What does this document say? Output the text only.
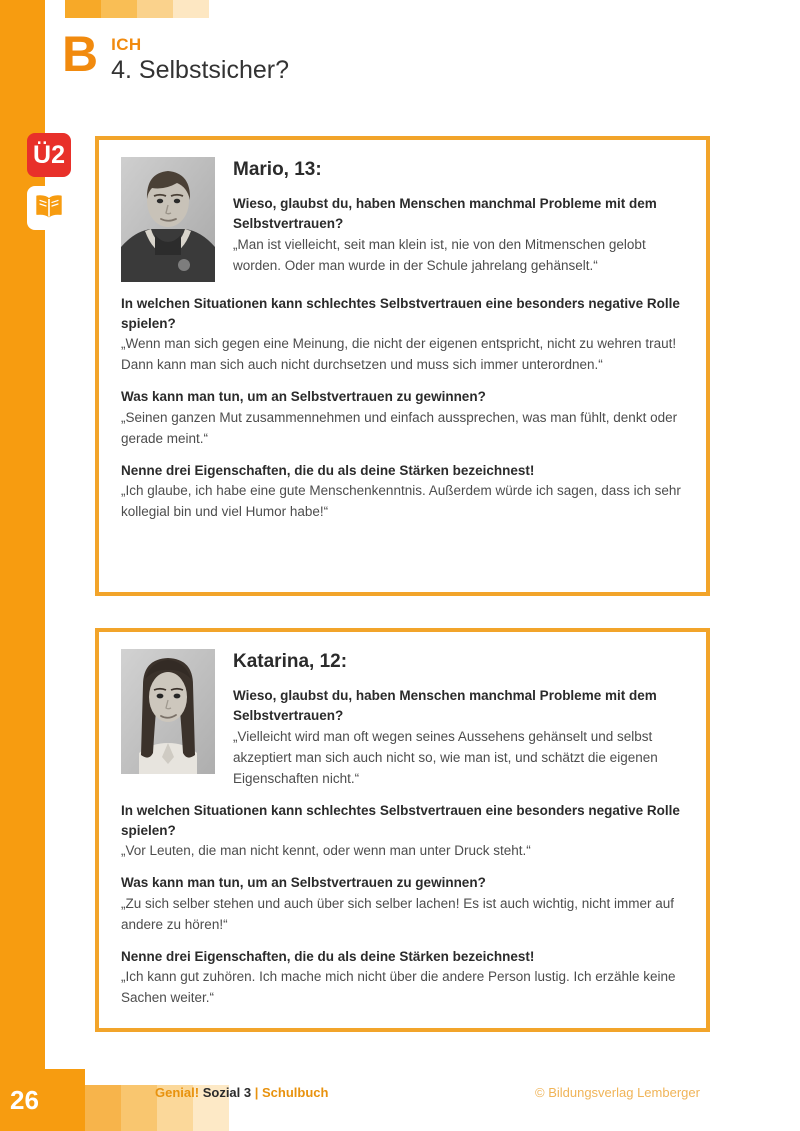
B ICH
4. Selbstsicher?
Ü2
Mario, 13:
Wieso, glaubst du, haben Menschen manchmal Probleme mit dem Selbstvertrauen?
„Man ist vielleicht, seit man klein ist, nie von den Mitmenschen gelobt worden. Oder man wurde in der Schule jahrelang gehänselt.“
In welchen Situationen kann schlechtes Selbstvertrauen eine besonders negative Rolle spielen?
„Wenn man sich gegen eine Meinung, die nicht der eigenen entspricht, nicht zu wehren traut! Dann kann man sich auch nicht durchsetzen und muss sich immer unterordnen.“
Was kann man tun, um an Selbstvertrauen zu gewinnen?
„Seinen ganzen Mut zusammennehmen und einfach aussprechen, was man fühlt, denkt oder gerade meint.“
Nenne drei Eigenschaften, die du als deine Stärken bezeichnest!
„Ich glaube, ich habe eine gute Menschenkenntnis. Außerdem würde ich sagen, dass ich sehr kollegial bin und viel Humor habe!“
Katarina, 12:
Wieso, glaubst du, haben Menschen manchmal Probleme mit dem Selbstvertrauen?
„Vielleicht wird man oft wegen seines Aussehens gehänselt und selbst akzeptiert man sich auch nicht so, wie man ist, und schätzt die eigenen Eigenschaften nicht.“
In welchen Situationen kann schlechtes Selbstvertrauen eine besonders negative Rolle spielen?
„Vor Leuten, die man nicht kennt, oder wenn man unter Druck steht.“
Was kann man tun, um an Selbstvertrauen zu gewinnen?
„Zu sich selber stehen und auch über sich selber lachen! Es ist auch wichtig, nicht immer auf andere zu hören!“
Nenne drei Eigenschaften, die du als deine Stärken bezeichnest!
„Ich kann gut zuhören. Ich mache mich nicht über die andere Person lustig. Ich erzähle keine Sachen weiter.“
26	Genial! Sozial 3 | Schulbuch	© Bildungsverlag Lemberger
